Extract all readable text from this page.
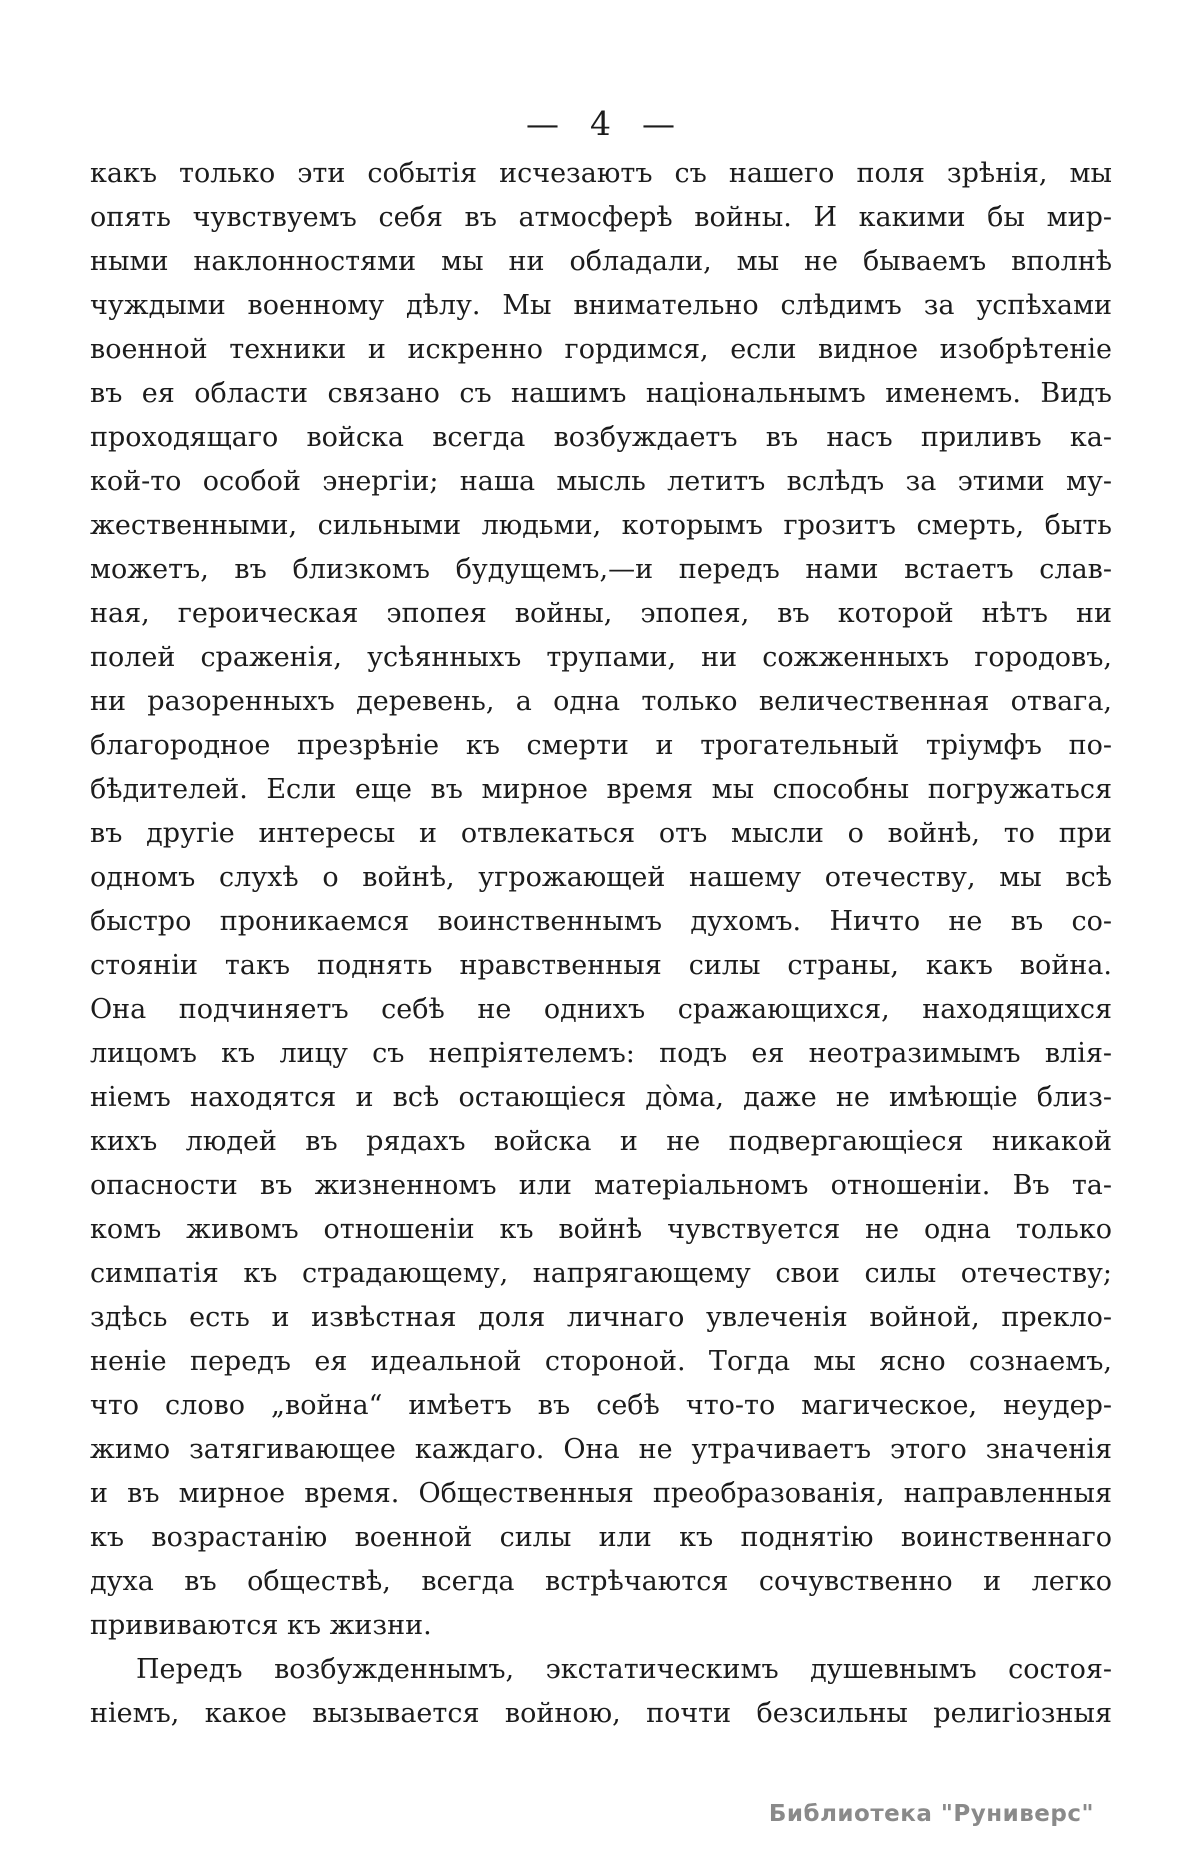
— 4 —

какъ только эти событія исчезаютъ съ нашего поля зрѣнія, мы
опять чувствуемъ себя въ атмосферѣ войны. И какими бы мир-
ными наклонностями мы ни обладали, мы не бываемъ вполнѣ
чуждыми военному дѣлу. Мы внимательно слѣдимъ за успѣхами
военной техники и искренно гордимся, если видное изобрѣтеніе
въ ея области связано съ нашимъ національнымъ именемъ. Видъ
проходящаго войска всегда возбуждаетъ въ насъ приливъ ка-
кой-то особой энергіи; наша мысль летитъ вслѣдъ за этими му-
жественными, сильными людьми, которымъ грозитъ смерть, быть
можетъ, въ близкомъ будущемъ,—и передъ нами встаетъ слав-
ная, героическая эпопея войны, эпопея, въ которой нѣтъ ни
полей сраженія, усѣянныхъ трупами, ни сожженныхъ городовъ,
ни разоренныхъ деревень, а одна только величественная отвага,
благородное презрѣніе къ смерти и трогательный тріумфъ по-
бѣдителей. Если еще въ мирное время мы способны погружаться
въ другіе интересы и отвлекаться отъ мысли о войнѣ, то при
одномъ слухѣ о войнѣ, угрожающей нашему отечеству, мы всѣ
быстро проникаемся воинственнымъ духомъ. Ничто не въ со-
стояніи такъ поднять нравственныя силы страны, какъ война.
Она подчиняетъ себѣ не однихъ сражающихся, находящихся
лицомъ къ лицу съ непріятелемъ: подъ ея неотразимымъ влія-
ніемъ находятся и всѣ остающіеся до̀ма, даже не имѣющіе близ-
кихъ людей въ рядахъ войска и не подвергающіеся никакой
опасности въ жизненномъ или матеріальномъ отношеніи. Въ та-
комъ живомъ отношеніи къ войнѣ чувствуется не одна только
симпатія къ страдающему, напрягающему свои силы отечеству;
здѣсь есть и извѣстная доля личнаго увлеченія войной, прекло-
неніе передъ ея идеальной стороной. Тогда мы ясно сознаемъ,
что слово „война“ имѣетъ въ себѣ что-то магическое, неудер-
жимо затягивающее каждаго. Она не утрачиваетъ этого значенія
и въ мирное время. Общественныя преобразованія, направленныя
къ возрастанію военной силы или къ поднятію воинственнаго
духа въ обществѣ, всегда встрѣчаются сочувственно и легко
прививаются къ жизни.

Передъ возбужденнымъ, экстатическимъ душевнымъ состоя-
ніемъ, какое вызывается войною, почти безсильны религіозныя

Библиотека "Руниверс"
